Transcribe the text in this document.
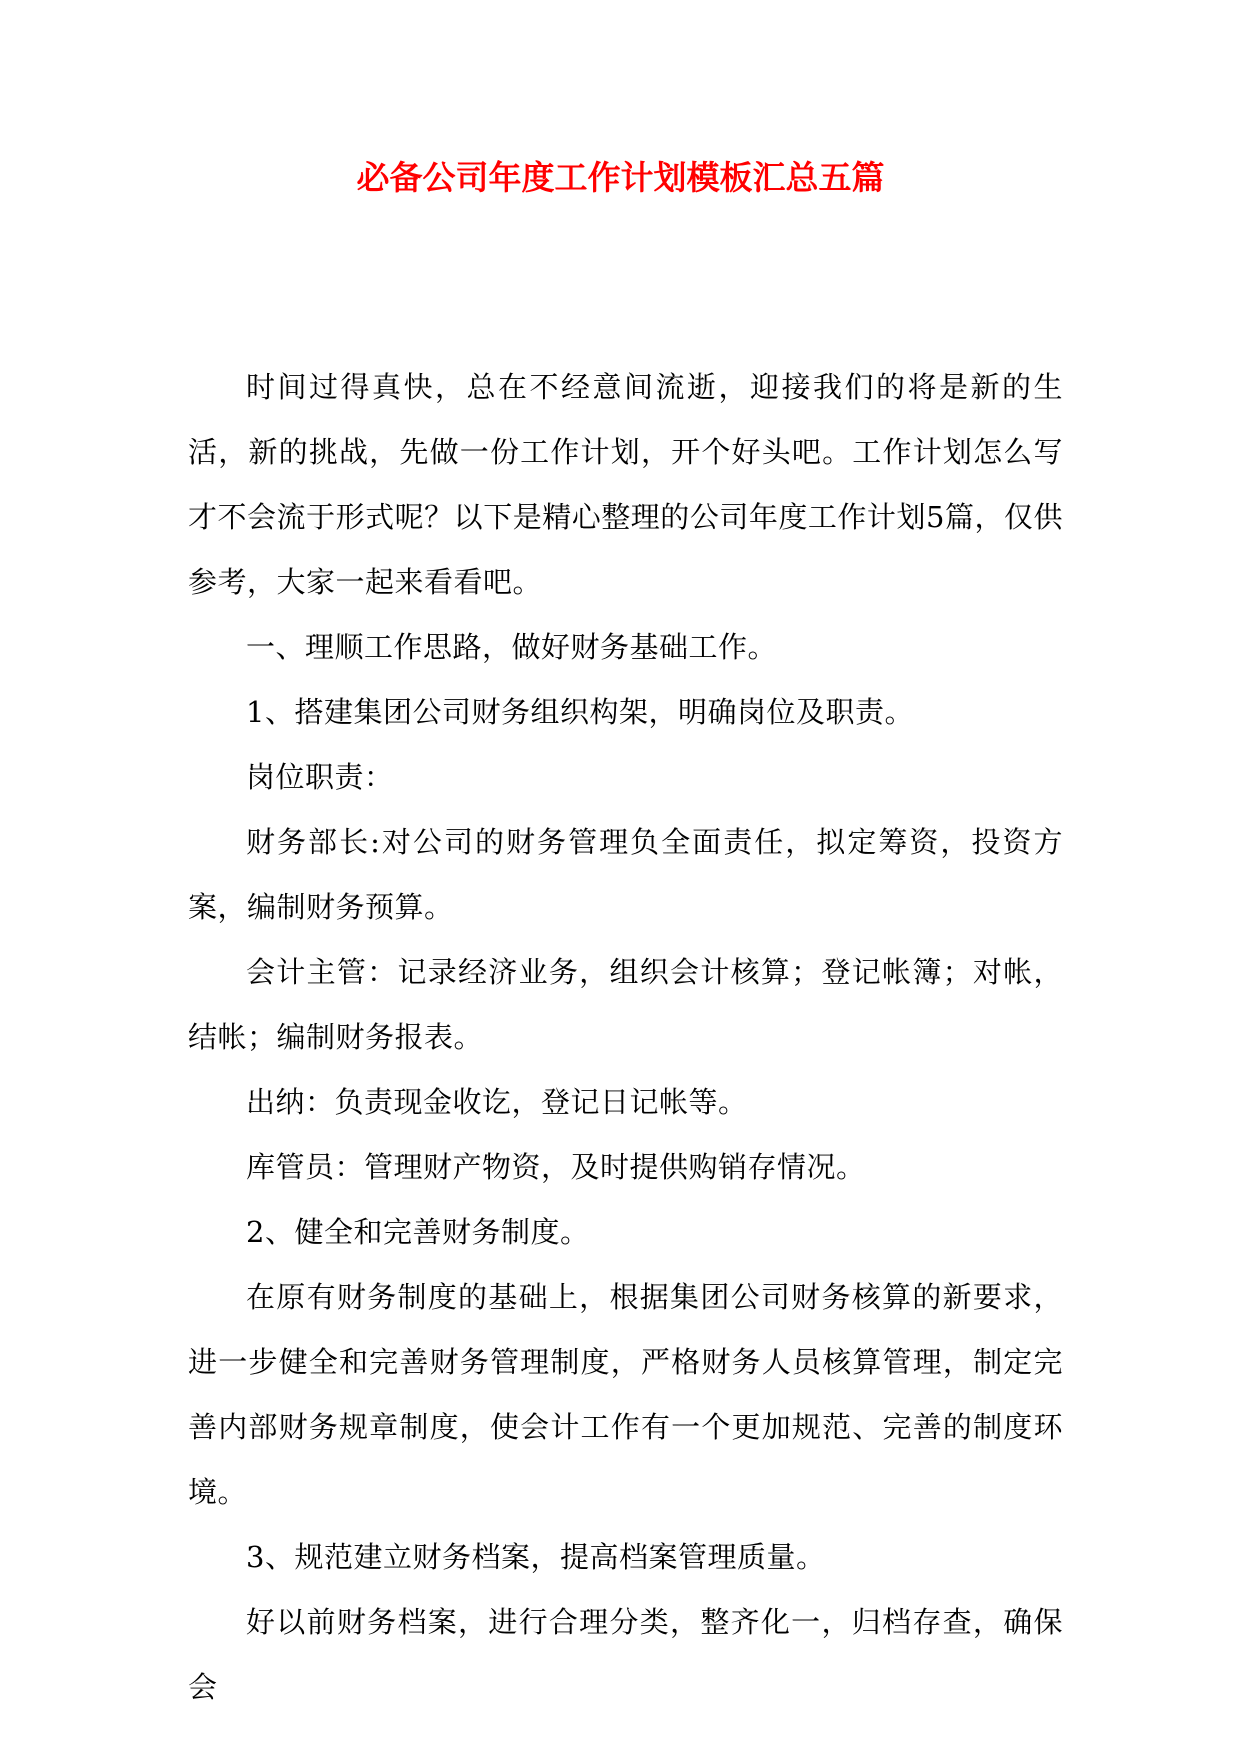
必备公司年度工作计划模板汇总五篇

时间过得真快，总在不经意间流逝，迎接我们的将是新的生活，新的挑战，先做一份工作计划，开个好头吧。工作计划怎么写才不会流于形式呢？以下是精心整理的公司年度工作计划5篇，仅供参考，大家一起来看看吧。

一、理顺工作思路，做好财务基础工作。

1、搭建集团公司财务组织构架，明确岗位及职责。

岗位职责：

财务部长:对公司的财务管理负全面责任，拟定筹资，投资方案，编制财务预算。

会计主管：记录经济业务，组织会计核算；登记帐簿；对帐，结帐；编制财务报表。

出纳：负责现金收讫，登记日记帐等。

库管员：管理财产物资，及时提供购销存情况。

2、健全和完善财务制度。

在原有财务制度的基础上，根据集团公司财务核算的新要求，进一步健全和完善财务管理制度，严格财务人员核算管理，制定完善内部财务规章制度，使会计工作有一个更加规范、完善的制度环境。

3、规范建立财务档案，提高档案管理质量。

好以前财务档案，进行合理分类，整齐化一，归档存查，确保会
